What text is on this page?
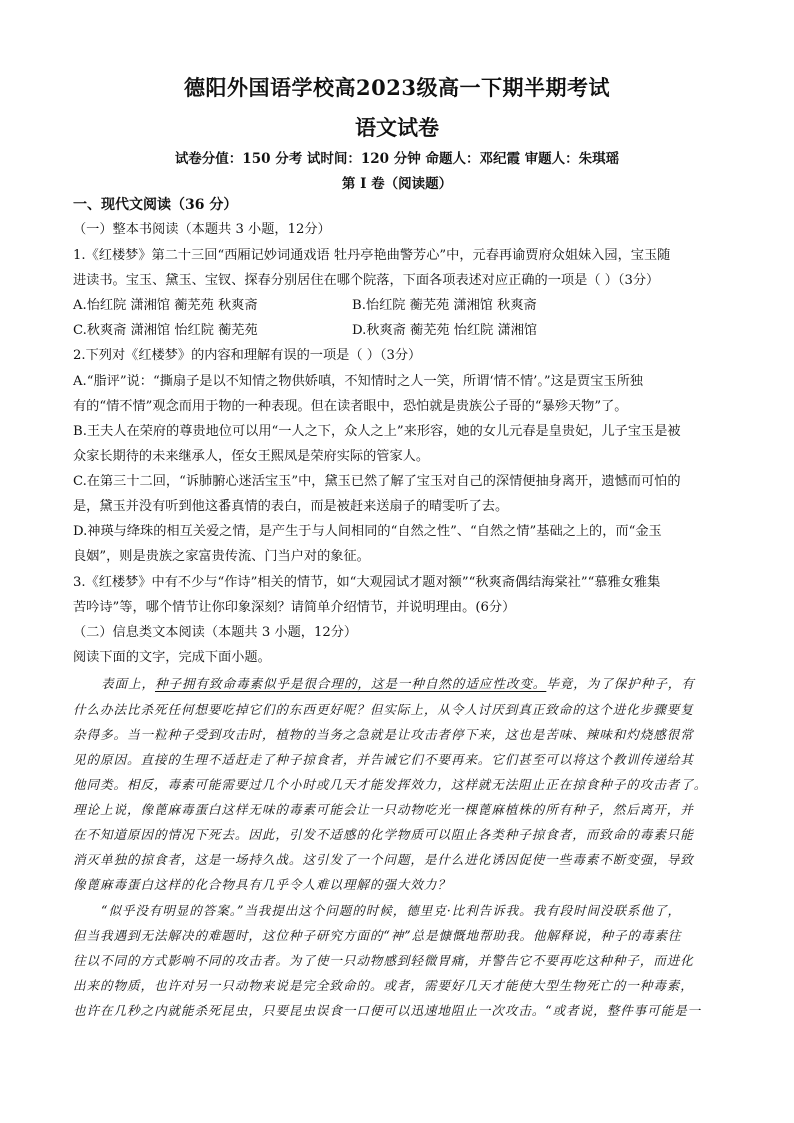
德阳外国语学校高2023级高一下期半期考试
语文试卷
试卷分值：150 分考 试时间：120 分钟 命题人：邓纪霞 审题人：朱琪瑶
第 I 卷（阅读题）
一、现代文阅读（36 分）
（一）整本书阅读（本题共 3 小题，12分）
1.《红楼梦》第二十三回“西厢记妙词通戏语 牡丹亭艳曲警芳心”中，元春再谕贾府众姐妹入园，宝玉随
进读书。宝玉、黛玉、宝钗、探春分别居住在哪个院落，下面各项表述对应正确的一项是（ ）（3分）
A.怡红院 潇湘馆 蘅芜苑 秋爽斋	B.怡红院 蘅芜苑 潇湘馆 秋爽斋
C.秋爽斋 潇湘馆 怡红院 蘅芜苑	D.秋爽斋 蘅芜苑 怡红院 潇湘馆
2.下列对《红楼梦》的内容和理解有误的一项是（ ）（3分）
A.“脂评”说：“撕扇子是以不知情之物供娇嗔，不知情时之人一笑，所谓‘情不情’。”这是贾宝玉所独
有的“情不情”观念而用于物的一种表现。但在读者眼中，恐怕就是贵族公子哥的“暴殄天物”了。
B.王夫人在荣府的尊贵地位可以用“一人之下，众人之上”来形容，她的女儿元春是皇贵妃，儿子宝玉是被
众家长期待的未来继承人，侄女王熙凤是荣府实际的管家人。
C.在第三十二回，“诉肺腑心迷活宝玉”中，黛玉已然了解了宝玉对自己的深情便抽身离开，遗憾而可怕的
是，黛玉并没有听到他这番真情的表白，而是被赶来送扇子的晴雯听了去。
D.神瑛与绛珠的相互关爱之情，是产生于与人间相同的“自然之性”、“自然之情”基础之上的，而“金玉
良姻”，则是贵族之家富贵传流、门当户对的象征。
3.《红楼梦》中有不少与“作诗”相关的情节，如“大观园试才题对额”“秋爽斋偶结海棠社”“慕雅女雅集
苦吟诗”等，哪个情节让你印象深刻？请简单介绍情节，并说明理由。(6分）
（二）信息类文本阅读（本题共 3 小题，12分）
阅读下面的文字，完成下面小题。
表面上，种子拥有致命毒素似乎是很合理的，这是一种自然的适应性改变。毕竟，为了保护种子，有
什么办法比杀死任何想要吃掉它们的东西更好呢？但实际上，从令人讨厌到真正致命的这个进化步骤要复
杂得多。当一粒种子受到攻击时，植物的当务之急就是让攻击者停下来，这也是苦味、辣味和灼烧感很常
见的原因。直接的生理不适赶走了种子掠食者，并告诫它们不要再来。它们甚至可以将这个教训传递给其
他同类。相反，毒素可能需要过几个小时或几天才能发挥效力，这样就无法阻止正在掠食种子的攻击者了。
理论上说，像蓖麻毒蛋白这样无味的毒素可能会让一只动物吃光一棵蓖麻植株的所有种子，然后离开，并
在不知道原因的情况下死去。因此，引发不适感的化学物质可以阻止各类种子掠食者，而致命的毒素只能
消灭单独的掠食者，这是一场持久战。这引发了一个问题，是什么进化诱因促使一些毒素不断变强，导致
像蓖麻毒蛋白这样的化合物具有几乎令人难以理解的强大效力？
“似乎没有明显的答案。”当我提出这个问题的时候，德里克·比利告诉我。我有段时间没联系他了，
但当我遇到无法解决的难题时，这位种子研究方面的“神”总是慷慨地帮助我。他解释说，种子的毒素往
往以不同的方式影响不同的攻击者。为了使一只动物感到轻微胃痛，并警告它不要再吃这种种子，而进化
出来的物质，也许对另一只动物来说是完全致命的。或者，需要好几天才能使大型生物死亡的一种毒素，
也许在几秒之内就能杀死昆虫，只要昆虫误食一口便可以迅速地阻止一次攻击。“或者说，整件事可能是一
